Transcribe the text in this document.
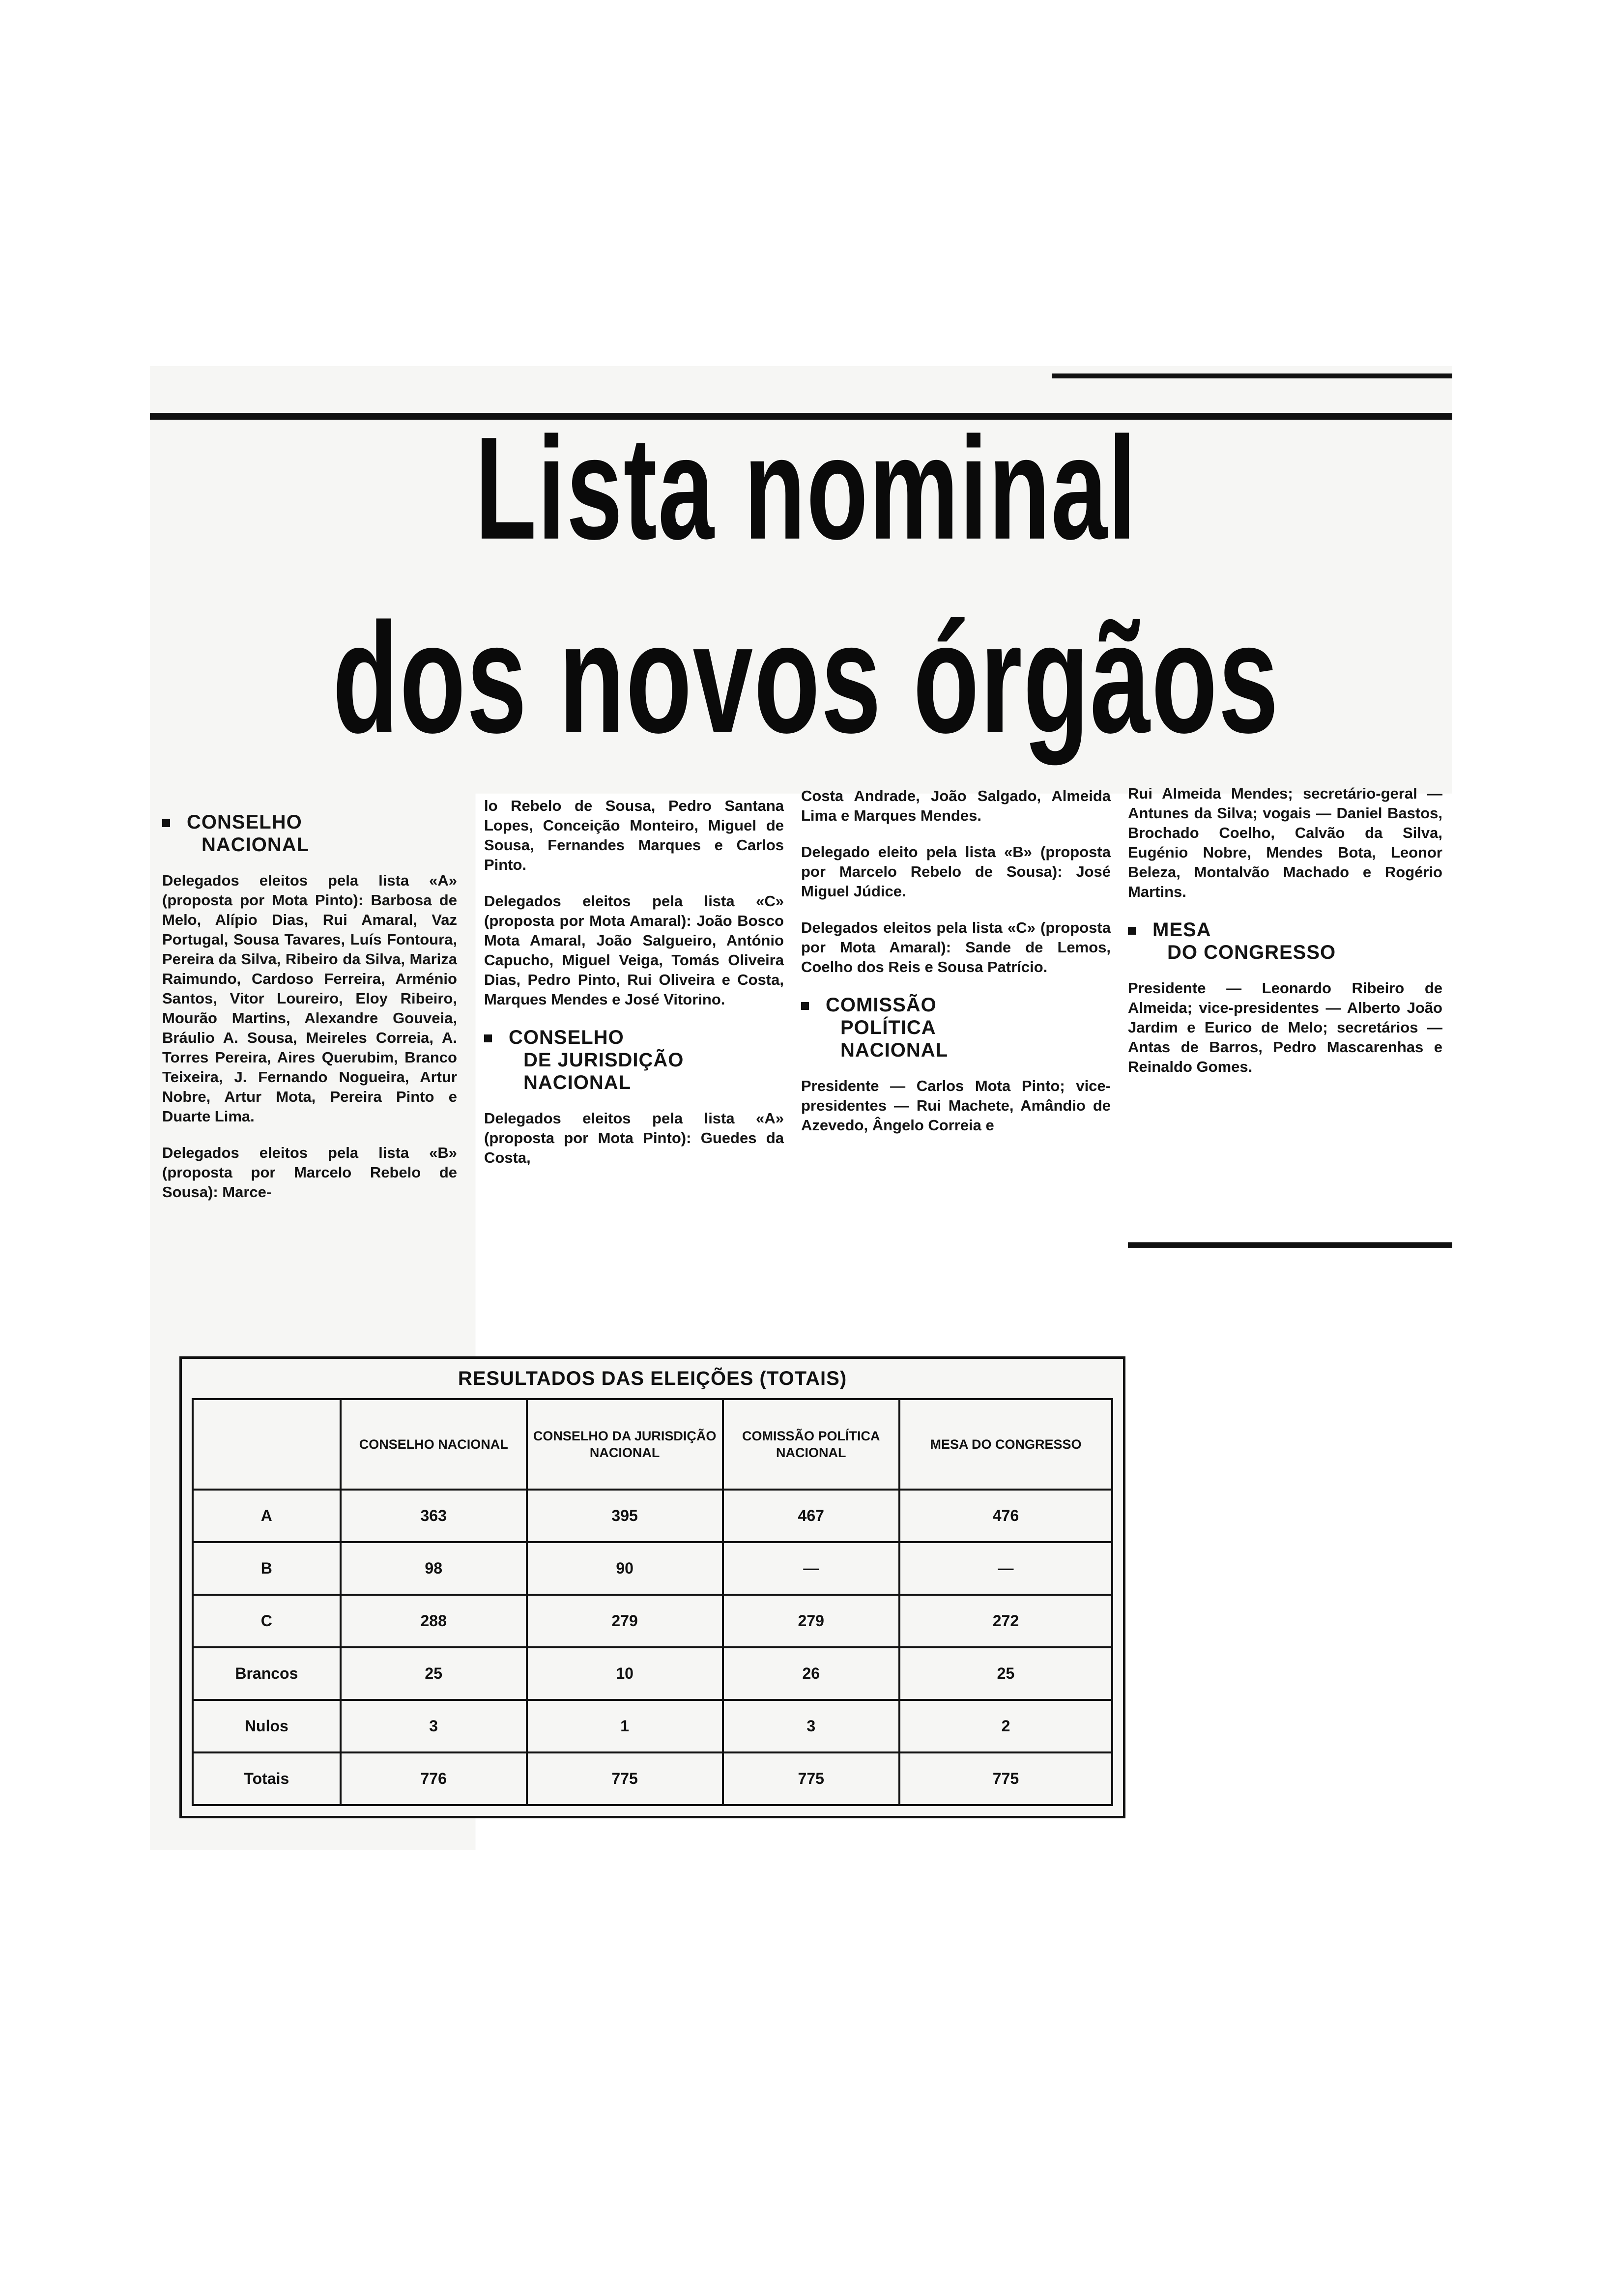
Lista nominal
dos novos órgãos
CONSELHO
NACIONAL

Delegados eleitos pela lista «A» (proposta por Mota Pinto): Barbosa de Melo, Alípio Dias, Rui Amaral, Vaz Portugal, Sousa Tavares, Luís Fontoura, Pereira da Silva, Ribeiro da Silva, Mariza Raimundo, Cardoso Ferreira, Arménio Santos, Vitor Loureiro, Eloy Ribeiro, Mourão Martins, Alexandre Gouveia, Bráulio A. Sousa, Meireles Correia, A. Torres Pereira, Aires Querubim, Branco Teixeira, J. Fernando Nogueira, Artur Nobre, Artur Mota, Pereira Pinto e Duarte Lima.

Delegados eleitos pela lista «B» (proposta por Marcelo Rebelo de Sousa): Marce-

lo Rebelo de Sousa, Pedro Santana Lopes, Conceição Monteiro, Miguel de Sousa, Fernandes Marques e Carlos Pinto.

Delegados eleitos pela lista «C» (proposta por Mota Amaral): João Bosco Mota Amaral, João Salgueiro, António Capucho, Miguel Veiga, Tomás Oliveira Dias, Pedro Pinto, Rui Oliveira e Costa, Marques Mendes e José Vitorino.

CONSELHO
DE JURISDIÇÃO
NACIONAL

Delegados eleitos pela lista «A» (proposta por Mota Pinto): Guedes da Costa,

Costa Andrade, João Salgado, Almeida Lima e Marques Mendes.

Delegado eleito pela lista «B» (proposta por Marcelo Rebelo de Sousa): José Miguel Júdice.

Delegados eleitos pela lista «C» (proposta por Mota Amaral): Sande de Lemos, Coelho dos Reis e Sousa Patrício.

COMISSÃO
POLÍTICA
NACIONAL

Presidente — Carlos Mota Pinto; vice-presidentes — Rui Machete, Amândio de Azevedo, Ângelo Correia e

Rui Almeida Mendes; secretário-geral — Antunes da Silva; vogais — Daniel Bastos, Brochado Coelho, Calvão da Silva, Eugénio Nobre, Mendes Bota, Leonor Beleza, Montalvão Machado e Rogério Martins.

MESA
DO CONGRESSO

Presidente — Leonardo Ribeiro de Almeida; vice-presidentes — Alberto João Jardim e Eurico de Melo; secretários — Antas de Barros, Pedro Mascarenhas e Reinaldo Gomes.

RESULTADOS DAS ELEIÇÕES (TOTAIS)
	CONSELHO NACIONAL	CONSELHO DA JURISDIÇÃO NACIONAL	COMISSÃO POLÍTICA NACIONAL	MESA DO CONGRESSO
A	363	395	467	476
B	98	90	—	—
C	288	279	279	272
Brancos	25	10	26	25
Nulos	3	1	3	2
Totais	776	775	775	775
